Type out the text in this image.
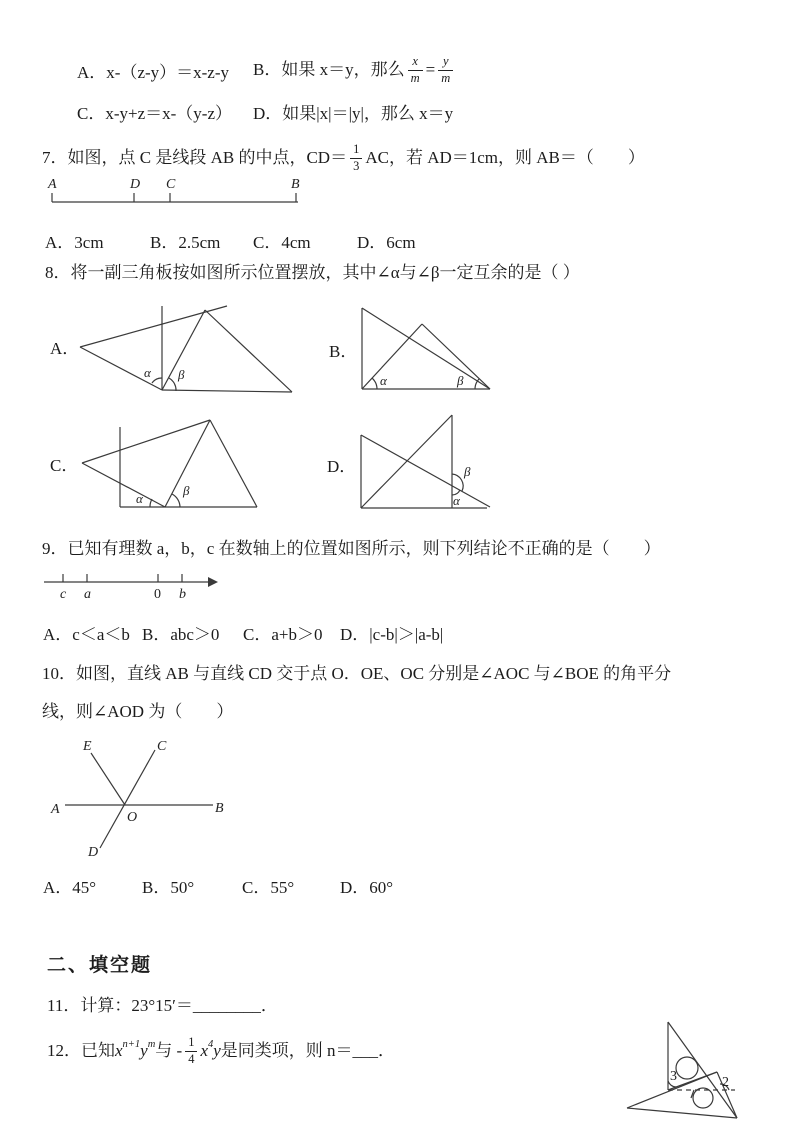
A．x-（z-y）＝x-z-y B．如果 x＝y，那么 $\frac{x}{m} = \frac{y}{m}$
C．x-y+z＝x-（y-z） D．如果|x|＝|y|，那么 x＝y
7．如图，点 C 是线段 AB 的中点，$CD= \frac{1}{3}$ AC，若 AD＝1cm，则 AB＝（　　）
A	D C	B
A．3cm	B．2.5cm C．4cm	D．6cm
8．将一副三角板按如图所示位置摆放，其中∠α与∠β一定互余的是（ ）
A．
α β
B．
α	β
C．
α
β
D．	β
α
9．已知有理数 a，b，c 在数轴上的位置如图所示，则下列结论不正确的是（　　）
c a	0 b
A．c＜a＜b B．abc＞0 C．a+b＞0 D．|c-b|＞|a-b|
10．如图，直线 AB 与直线 CD 交于点 O．OE、OC 分别是∠AOC 与∠BOE 的角平分
线，则∠AOD 为（　　）
E	C
A	B
O
D
A．45°	B．50°	C．55°	D．60°
二、填空题
11．计算：23°15′＝________．
12．已知 x n+1 y m 与 - $\frac{1}{4}$ x 4 y 是同类项，则 n＝___．
3	2
